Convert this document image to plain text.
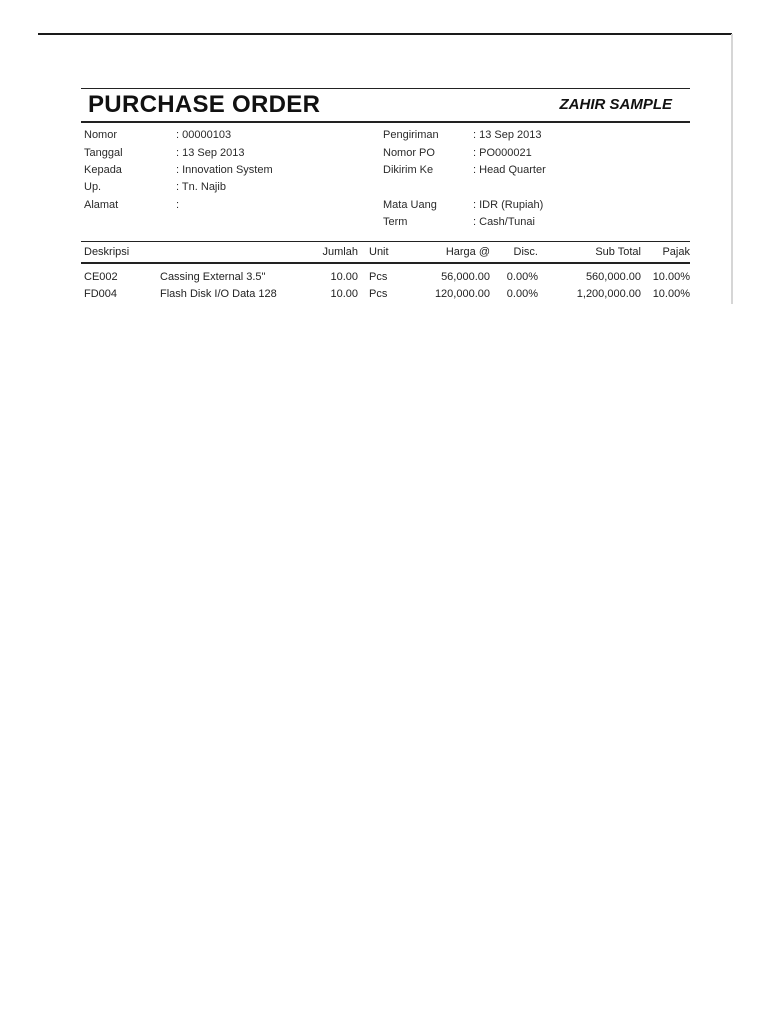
PURCHASE ORDER	ZAHIR SAMPLE
Nomor	: 00000103
Tanggal	: 13 Sep 2013
Kepada	: Innovation System
Up.	: Tn. Najib
Alamat
:
Pengiriman	: 13 Sep 2013
Nomor PO	: PO000021
Dikirim Ke	: Head Quarter
Mata Uang	: IDR (Rupiah)
Term	: Cash/Tunai
Deskripsi	Jumlah Unit	Harga @ Disc.	Sub Total Pajak
CE002	Cassing External 3.5"	10.00 Pcs	56,000.00 0.00%	560,000.00 10.00%
FD004	Flash Disk I/O Data 128	10.00 Pcs	120,000.00 0.00%	1,200,000.00 10.00%
